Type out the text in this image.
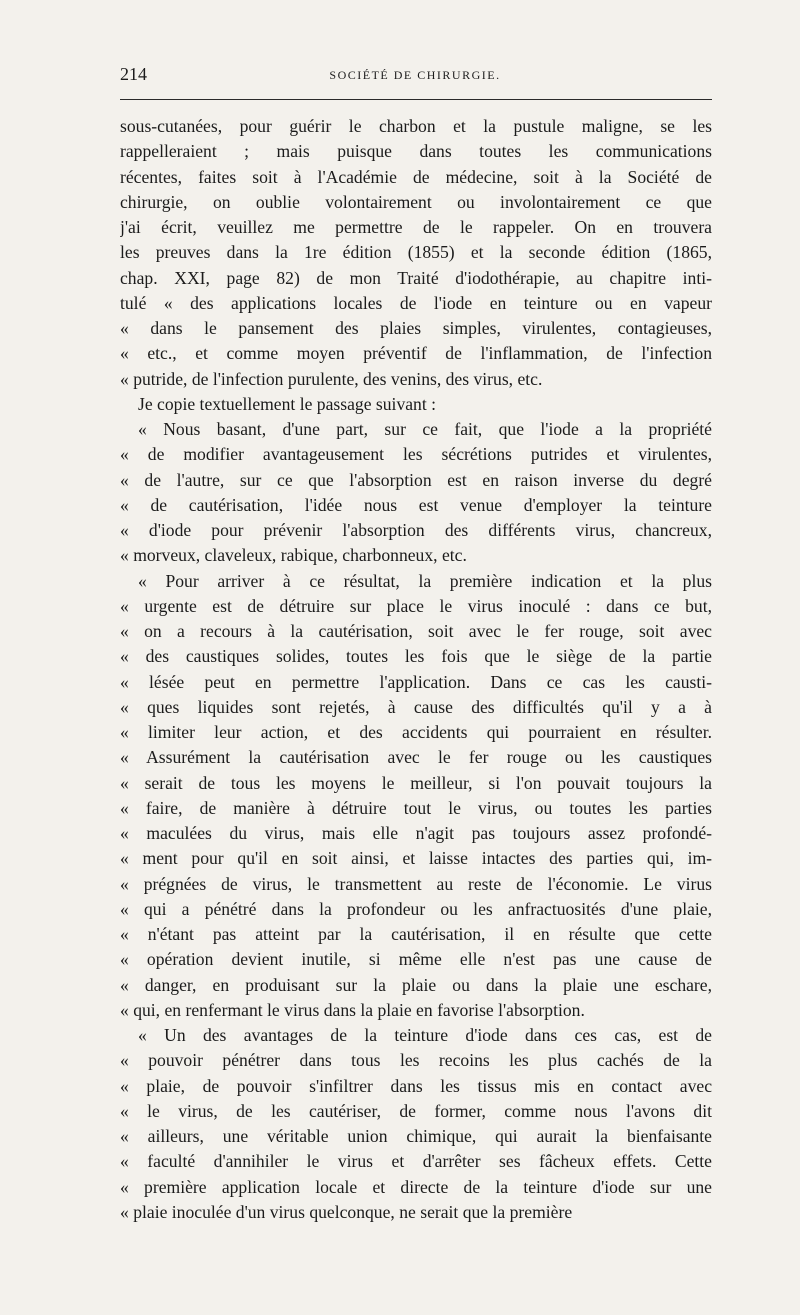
214	SOCIÉTÉ DE CHIRURGIE.
sous-cutanées, pour guérir le charbon et la pustule maligne, se les
rappelleraient ; mais puisque dans toutes les communications
récentes, faites soit à l'Académie de médecine, soit à la Société de
chirurgie, on oublie volontairement ou involontairement ce que
j'ai écrit, veuillez me permettre de le rappeler. On en trouvera
les preuves dans la 1re édition (1855) et la seconde édition (1865,
chap. XXI, page 82) de mon Traité d'iodothérapie, au chapitre inti-
tulé « des applications locales de l'iode en teinture ou en vapeur
« dans le pansement des plaies simples, virulentes, contagieuses,
« etc., et comme moyen préventif de l'inflammation, de l'infection
« putride, de l'infection purulente, des venins, des virus, etc.
Je copie textuellement le passage suivant :
« Nous basant, d'une part, sur ce fait, que l'iode a la propriété
« de modifier avantageusement les sécrétions putrides et virulentes,
« de l'autre, sur ce que l'absorption est en raison inverse du degré
« de cautérisation, l'idée nous est venue d'employer la teinture
« d'iode pour prévenir l'absorption des différents virus, chancreux,
« morveux, claveleux, rabique, charbonneux, etc.
« Pour arriver à ce résultat, la première indication et la plus
« urgente est de détruire sur place le virus inoculé : dans ce but,
« on a recours à la cautérisation, soit avec le fer rouge, soit avec
« des caustiques solides, toutes les fois que le siège de la partie
« lésée peut en permettre l'application. Dans ce cas les causti-
« ques liquides sont rejetés, à cause des difficultés qu'il y a à
« limiter leur action, et des accidents qui pourraient en résulter.
« Assurément la cautérisation avec le fer rouge ou les caustiques
« serait de tous les moyens le meilleur, si l'on pouvait toujours la
« faire, de manière à détruire tout le virus, ou toutes les parties
« maculées du virus, mais elle n'agit pas toujours assez profondé-
« ment pour qu'il en soit ainsi, et laisse intactes des parties qui, im-
« prégnées de virus, le transmettent au reste de l'économie. Le virus
« qui a pénétré dans la profondeur ou les anfractuosités d'une plaie,
« n'étant pas atteint par la cautérisation, il en résulte que cette
« opération devient inutile, si même elle n'est pas une cause de
« danger, en produisant sur la plaie ou dans la plaie une eschare,
« qui, en renfermant le virus dans la plaie en favorise l'absorption.
« Un des avantages de la teinture d'iode dans ces cas, est de
« pouvoir pénétrer dans tous les recoins les plus cachés de la
« plaie, de pouvoir s'infiltrer dans les tissus mis en contact avec
« le virus, de les cautériser, de former, comme nous l'avons dit
« ailleurs, une véritable union chimique, qui aurait la bienfaisante
« faculté d'annihiler le virus et d'arrêter ses fâcheux effets. Cette
« première application locale et directe de la teinture d'iode sur une
« plaie inoculée d'un virus quelconque, ne serait que la première
